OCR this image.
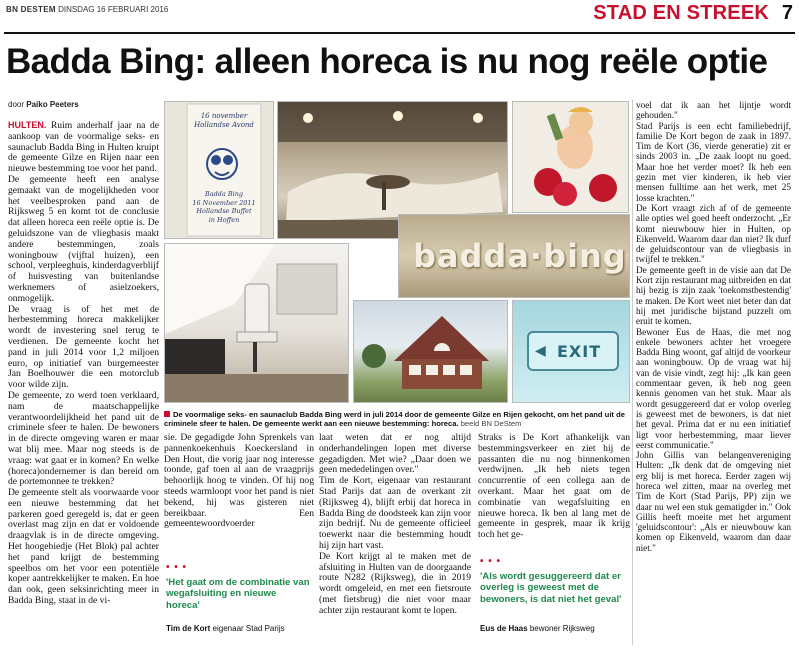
BN DESTEM DINSDAG 16 FEBRUARI 2016	STAD EN STREEK 7
Badda Bing: alleen horeca is nu nog reële optie
door Paiko Peeters

HULTEN. Ruim anderhalf jaar na de aankoop van de voormalige seks- en saunaclub Badda Bing in Hulten kruipt de gemeente Gilze en Rijen naar een nieuwe bestemming toe voor het pand.

De gemeente heeft een analyse gemaakt van de mogelijkheden voor het veelbesproken pand aan de Rijksweg 5 en komt tot de conclusie dat alleen horeca een reële optie is. De geluidszone van de vliegbasis maakt andere bestemmingen, zoals woningbouw (vijftal huizen), een school, verpleeghuis, kinderdagverblijf of huisvesting van buitenlandse werknemers of asielzoekers, onmogelijk.

De vraag is of het met de herbestemming horeca makkelijker wordt de investering snel terug te verdienen. De gemeente kocht het pand in juli 2014 voor 1,2 miljoen euro, op initiatief van burgemeester Jan Boelhouwer die een motorclub voor wilde zijn.

De gemeente, zo werd toen verklaard, nam de maatschappelijke verantwoordelijkheid het pand uit de criminele sfeer te halen. De bewoners in de directe omgeving waren er maar wat blij mee. Maar nog steeds is de vraag: wat gaat er in komen? En welke (horeca)ondernemer is dan bereid om de portemonnee te trekken?

De gemeente stelt als voorwaarde voor een nieuwe bestemming dat het parkeren goed geregeld is, dat er geen overlast mag zijn en dat er voldoende draagvlak is in de directe omgeving. Het hoogebiedje (Het Blok) pal achter het pand krijgt de bestemming speelbos om het voor een potentiële koper aantrekkelijker te maken. En hoe dan ook, geen seksinrichting meer in Badda Bing, staat in de vi-

16 november
Hollandse Avond
Badda Bing
16 November 2011
Hollandse Buffet
in Hoffen
badda·bing
◀ EXIT
De voormalige seks- en saunaclub Badda Bing werd in juli 2014 door de gemeente Gilze en Rijen gekocht, om het pand uit de criminele sfeer te halen. De gemeente werkt aan een nieuwe bestemming: horeca. beeld BN DeStem

sie. De gegadigde John Sprenkels van pannenkoekenhuis Koeckersland in Den Hout, die vorig jaar nog interesse toonde, gaf toen al aan de vraagprijs behoorlijk hoog te vinden. Of hij nog steeds warmloopt voor het pand is niet bekend, hij was gisteren niet bereikbaar. Een gemeentewoordvoerder

• • •
'Het gaat om de combinatie van wegafsluiting en nieuwe horeca'
Tim de Kort eigenaar Stad Parijs

laat weten dat er nog altijd onderhandelingen lopen met diverse gegadigden. Met wie? „Daar doen we geen mededelingen over."

Tim de Kort, eigenaar van restaurant Stad Parijs dat aan de overkant zit (Rijksweg 4), blijft erbij dat horeca in Badda Bing de doodsteek kan zijn voor zijn bedrijf. Nu de gemeente officieel toewerkt naar die bestemming houdt hij zijn hart vast.

De Kort krijgt al te maken met de afsluiting in Hulten van de doorgaande route N282 (Rijksweg), die in 2019 wordt omgeleid, en met een fietsroute (met fietsbrug) die niet voor maar achter zijn restaurant komt te lopen.

Straks is De Kort afhankelijk van bestemmingsverkeer en ziet hij de passanten die nu nog binnenkomen verdwijnen. „Ik heb niets tegen concurrentie of een collega aan de overkant. Maar het gaat om de combinatie van wegafsluiting en nieuwe horeca. Ik ben al lang met de gemeente in gesprek, maar ik krijg toch het ge-

• • •
'Als wordt gesuggereerd dat er overleg is geweest met de bewoners, is dat niet het geval'
Eus de Haas bewoner Rijksweg

voel dat ik aan het lijntje wordt gehouden."

Stad Parijs is een echt familiebedrijf, familie De Kort begon de zaak in 1897. Tim de Kort (36, vierde generatie) zit er sinds 2003 in. „De zaak loopt nu goed. Maar hoe het verder moet? Ik heb een gezin met vier kinderen, ik heb vier mensen fulltime aan het werk, met 25 losse krachten."

De Kort vraagt zich af of de gemeente alle opties wel goed heeft onderzocht. „Er komt nieuwbouw hier in Hulten, op Eikenveld. Waarom daar dan niet? Ik durf de geluidscontour van de vliegbasis in twijfel te trekken."

De gemeente geeft in de visie aan dat De Kort zijn restaurant mag uitbreiden en dat hij bezig is zijn zaak 'toekomstbestendig' te maken. De Kort weet niet beter dan dat hij met juridische bijstand puzzelt om eruit te komen.

Bewoner Eus de Haas, die met nog enkele bewoners achter het vroegere Badda Bing woont, gaf altijd de voorkeur aan woningbouw. Op de vraag wat hij van de visie vindt, zegt hij: „Ik kan geen commentaar geven, ik heb nog geen kennis genomen van het stuk. Maar als wordt gesuggereerd dat er volop overleg is geweest met de bewoners, is dat niet het geval. Prima dat er nu een initiatief ligt voor herbestemming, maar liever eerst communicatie."

John Gillis van belangenvereniging Hulten: „Ik denk dat de omgeving niet erg blij is met horeca. Eerder zagen wij horeca wel zitten, maar na overleg met Tim de Kort (Stad Parijs, PP) zijn we daar nu wel een stuk gematigder in." Ook Gillis heeft moeite met het argument 'geluidscontour': „Als er nieuwbouw kan komen op Eikenveld, waarom dan daar niet."
